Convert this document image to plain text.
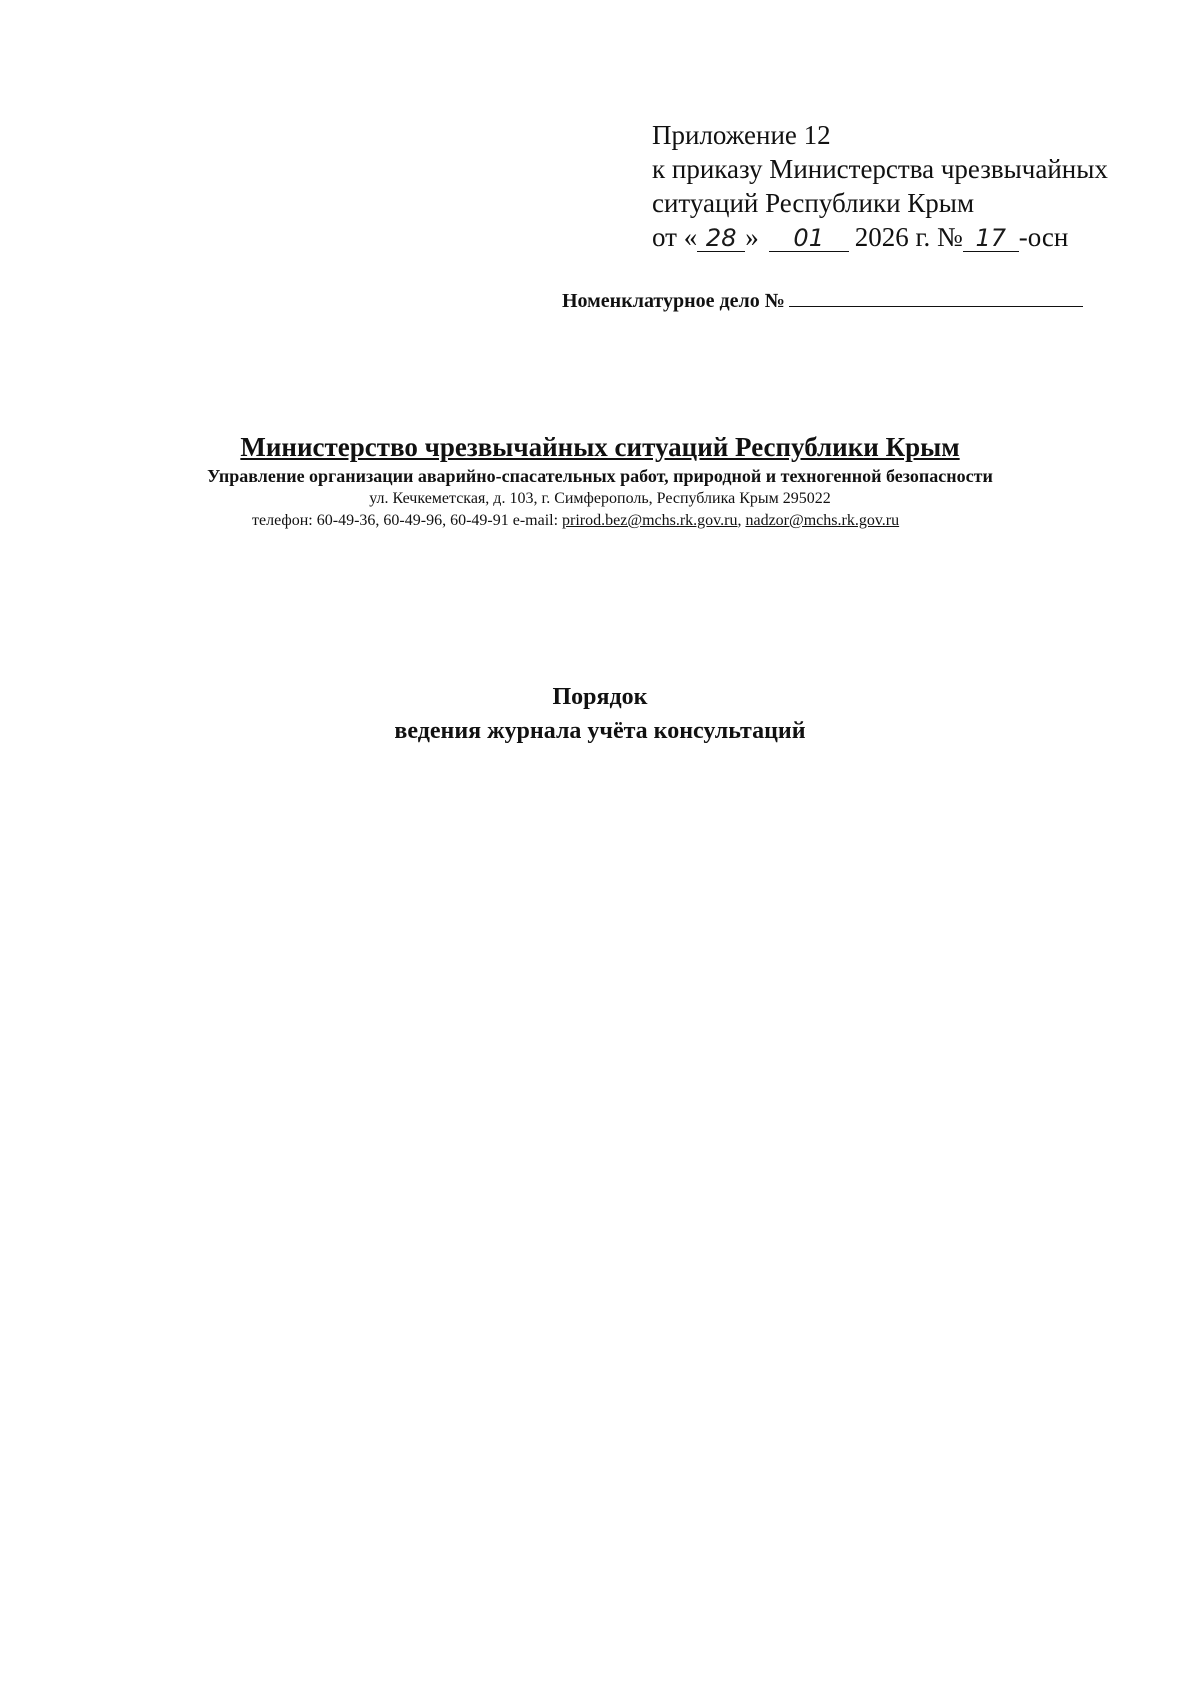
Приложение 12
к приказу Министерства чрезвычайных
ситуаций Республики Крым
от « 28 » 01 2026 г. № 17 -осн
Номенклатурное дело №
Министерство чрезвычайных ситуаций Республики Крым
Управление организации аварийно-спасательных работ, природной и техногенной безопасности
ул. Кечкеметская, д. 103, г. Симферополь, Республика Крым 295022
телефон: 60-49-36, 60-49-96, 60-49-91 e-mail: prirod.bez@mchs.rk.gov.ru, nadzor@mchs.rk.gov.ru
Порядок
ведения журнала учёта консультаций
